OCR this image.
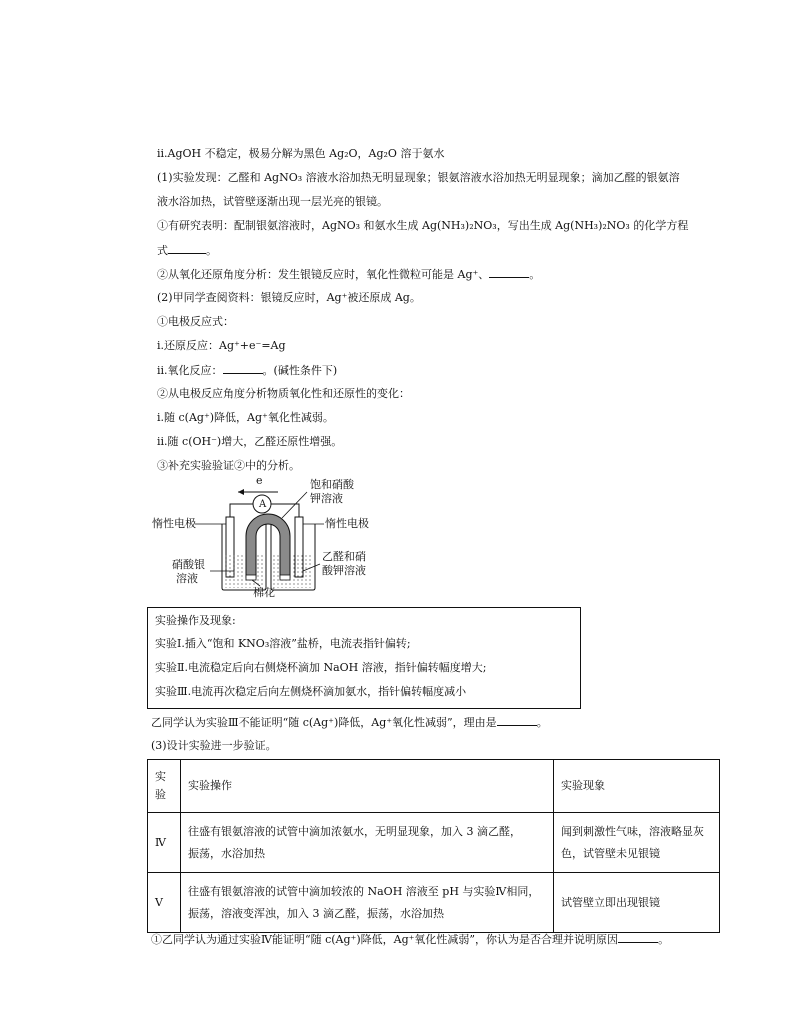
ⅱ.AgOH 不稳定，极易分解为黑色 Ag₂O，Ag₂O 溶于氨水
(1)实验发现：乙醛和 AgNO₃ 溶液水浴加热无明显现象；银氨溶液水浴加热无明显现象；滴加乙醛的银氨溶
液水浴加热，试管壁逐渐出现一层光亮的银镜。
①有研究表明：配制银氨溶液时，AgNO₃ 和氨水生成 Ag(NH₃)₂NO₃，写出生成 Ag(NH₃)₂NO₃ 的化学方程
式	。
②从氧化还原角度分析：发生银镜反应时，氧化性微粒可能是 Ag⁺、	。
(2)甲同学查阅资料：银镜反应时，Ag⁺被还原成 Ag。
①电极反应式：
ⅰ.还原反应：Ag⁺+e⁻=Ag
ⅱ.氧化反应：	。(碱性条件下)
②从电极反应角度分析物质氧化性和还原性的变化：
ⅰ.随 c(Ag⁺)降低，Ag⁺氧化性减弱。
ⅱ.随 c(OH⁻)增大，乙醛还原性增强。
③补充实验验证②中的分析。
e
A
饱和硝酸
钾溶液
惰性电极	惰性电极
硝酸银
溶液
乙醛和硝
酸钾溶液
棉花
实验操作及现象:
实验Ⅰ.插入“饱和 KNO₃溶液”盐桥，电流表指针偏转;
实验Ⅱ.电流稳定后向右侧烧杯滴加 NaOH 溶液，指针偏转幅度增大;
实验Ⅲ.电流再次稳定后向左侧烧杯滴加氨水，指针偏转幅度减小
乙同学认为实验Ⅲ不能证明“随 c(Ag⁺)降低，Ag⁺氧化性减弱”，理由是	。
(3)设计实验进一步验证。
实
验	实验操作	实验现象
Ⅳ	往盛有银氨溶液的试管中滴加浓氨水，无明显现象，加入 3 滴乙醛，
振荡，水浴加热	闻到刺激性气味，溶液略显灰
色，试管壁未见银镜
Ⅴ	往盛有银氨溶液的试管中滴加较浓的 NaOH 溶液至 pH 与实验Ⅳ相同，
振荡，溶液变浑浊，加入 3 滴乙醛，振荡，水浴加热	试管壁立即出现银镜
①乙同学认为通过实验Ⅳ能证明“随 c(Ag⁺)降低，Ag⁺氧化性减弱”，你认为是否合理并说明原因	。
